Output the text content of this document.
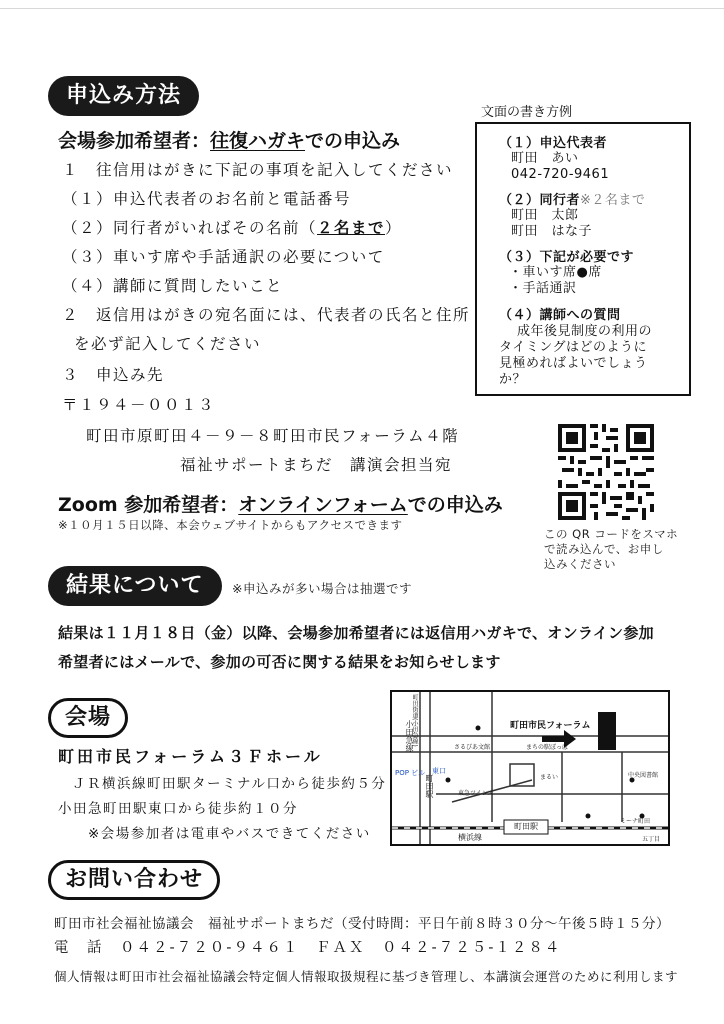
申込み方法
文面の書き方例
会場参加希望者：往復ハガキでの申込み
１　往信用はがきに下記の事項を記入してください
（１）申込代表者のお名前と電話番号
（２）同行者がいればその名前（２名まで）
（３）車いす席や手話通訳の必要について
（４）講師に質問したいこと
２　返信用はがきの宛名面には、代表者の氏名と住所
を必ず記入してください
３　申込み先
〒１９４－００１３
町田市原町田４－９－８町田市民フォーラム４階
福祉サポートまちだ　講演会担当宛
（１）申込代表者
町田　あい
042-720-9461
（２）同行者※２名まで
町田　太郎
町田　はな子
（３）下記が必要です
・車いす席●席
・手話通訳
（４）講師への質問
成年後見制度の利用の
タイミングはどのように
見極めればよいでしょう
か？
Zoom 参加希望者：オンラインフォームでの申込み
※１０月１５日以降、本会ウェブサイトからもアクセスできます
この QR コードをスマホ
で読み込んで、お申し
込みください
結果について	※申込みが多い場合は抽選です
結果は１１月１８日（金）以降、会場参加希望者には返信用ハガキで、オンライン参加
希望者にはメールで、参加の可否に関する結果をお知らせします
会場
町田市民フォーラム３Ｆホール
ＪＲ横浜線町田駅ターミナル口から徒歩約５分
小田急町田駅東口から徒歩約１０分
※会場参加者は電車やバスできてください
町田市民フォーラム
小田急線
町田街道(小田急線)
町田駅
さるびあ文館	まちの駅ぽっぽ
POP ビル 東口
まるい
東急ツインズ
中央図書館
ミーナ町田
五丁目
横浜線
町田駅
お問い合わせ
町田市社会福祉協議会　福祉サポートまちだ（受付時間：平日午前８時３０分～午後５時１５分）
電　話　０４２-７２０-９４６１　ＦＡＸ　０４２-７２５-１２８４
個人情報は町田市社会福祉協議会特定個人情報取扱規程に基づき管理し、本講演会運営のために利用します
